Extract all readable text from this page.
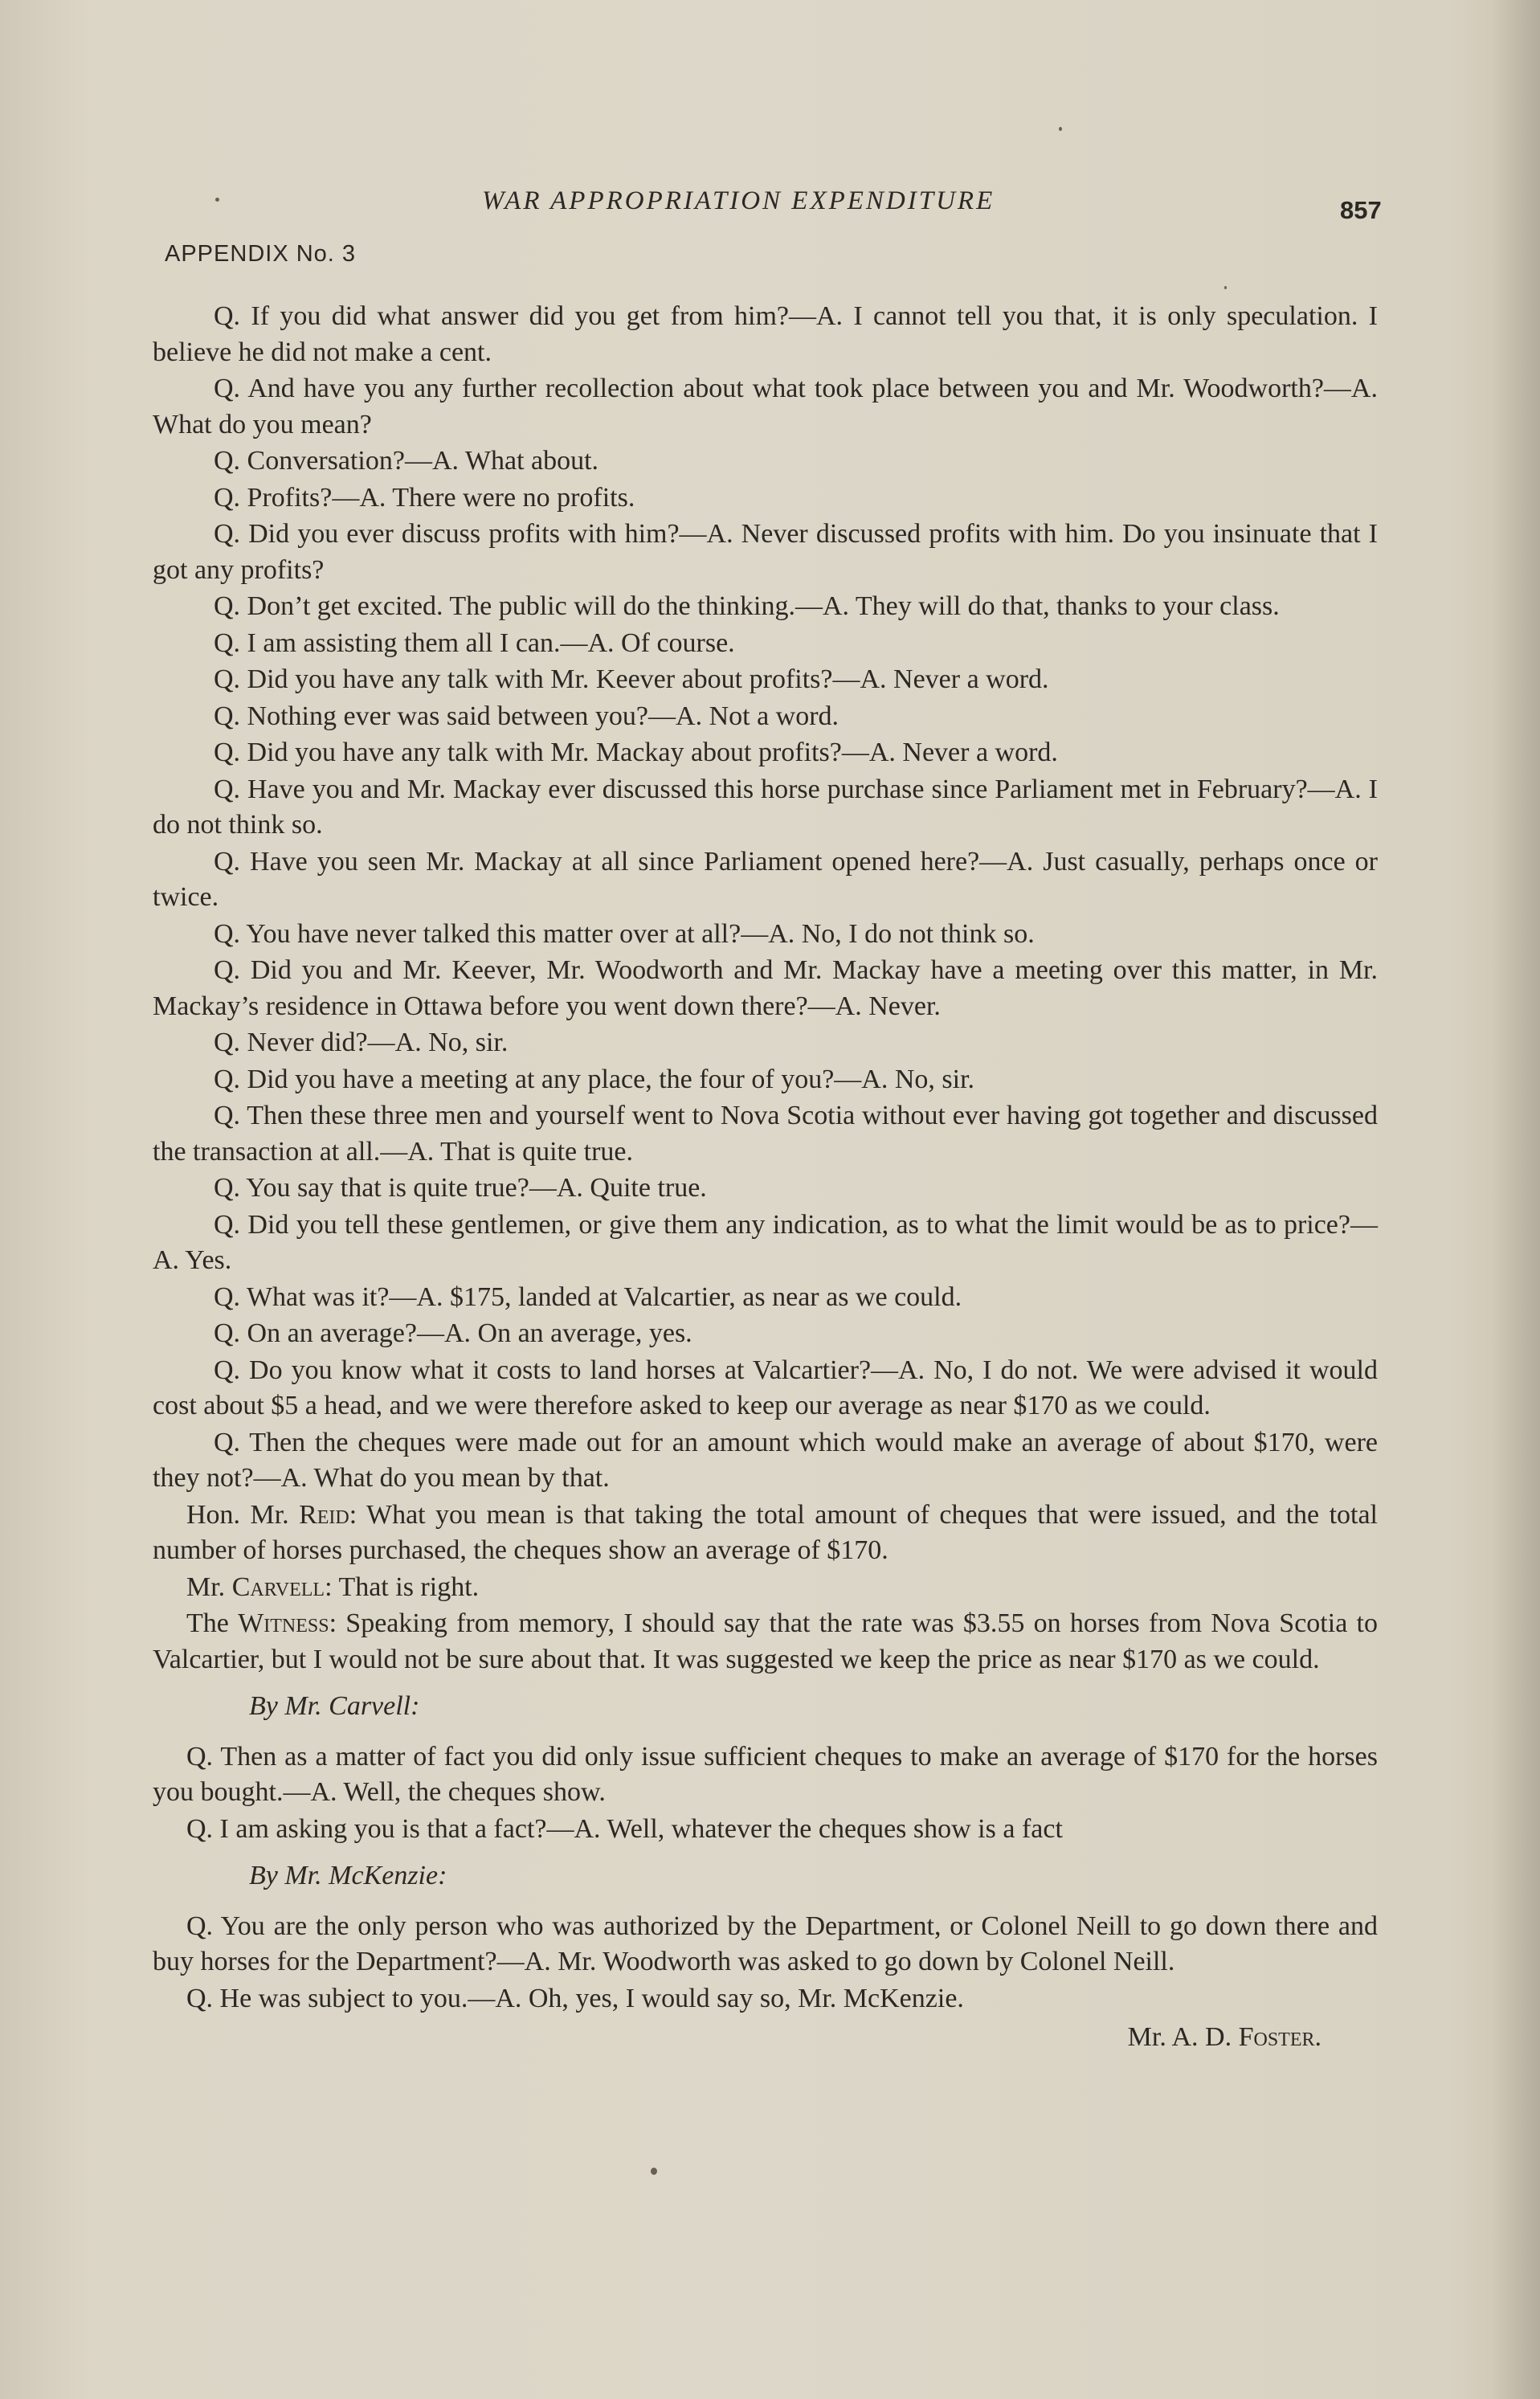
WAR APPROPRIATION EXPENDITURE	857
APPENDIX No. 3

Q. If you did what answer did you get from him?—A. I cannot tell you that, it is only speculation. I believe he did not make a cent.

Q. And have you any further recollection about what took place between you and Mr. Woodworth?—A. What do you mean?

Q. Conversation?—A. What about.

Q. Profits?—A. There were no profits.

Q. Did you ever discuss profits with him?—A. Never discussed profits with him. Do you insinuate that I got any profits?

Q. Don’t get excited. The public will do the thinking.—A. They will do that, thanks to your class.

Q. I am assisting them all I can.—A. Of course.

Q. Did you have any talk with Mr. Keever about profits?—A. Never a word.

Q. Nothing ever was said between you?—A. Not a word.

Q. Did you have any talk with Mr. Mackay about profits?—A. Never a word.

Q. Have you and Mr. Mackay ever discussed this horse purchase since Parliament met in February?—A. I do not think so.

Q. Have you seen Mr. Mackay at all since Parliament opened here?—A. Just casually, perhaps once or twice.

Q. You have never talked this matter over at all?—A. No, I do not think so.

Q. Did you and Mr. Keever, Mr. Woodworth and Mr. Mackay have a meeting over this matter, in Mr. Mackay’s residence in Ottawa before you went down there?—A. Never.

Q. Never did?—A. No, sir.

Q. Did you have a meeting at any place, the four of you?—A. No, sir.

Q. Then these three men and yourself went to Nova Scotia without ever having got together and discussed the transaction at all.—A. That is quite true.

Q. You say that is quite true?—A. Quite true.

Q. Did you tell these gentlemen, or give them any indication, as to what the limit would be as to price?—A. Yes.

Q. What was it?—A. $175, landed at Valcartier, as near as we could.

Q. On an average?—A. On an average, yes.

Q. Do you know what it costs to land horses at Valcartier?—A. No, I do not. We were advised it would cost about $5 a head, and we were therefore asked to keep our average as near $170 as we could.

Q. Then the cheques were made out for an amount which would make an average of about $170, were they not?—A. What do you mean by that.

Hon. Mr. Reid: What you mean is that taking the total amount of cheques that were issued, and the total number of horses purchased, the cheques show an average of $170.

Mr. Carvell: That is right.

The Witness: Speaking from memory, I should say that the rate was $3.55 on horses from Nova Scotia to Valcartier, but I would not be sure about that. It was suggested we keep the price as near $170 as we could.

By Mr. Carvell:

Q. Then as a matter of fact you did only issue sufficient cheques to make an average of $170 for the horses you bought.—A. Well, the cheques show.

Q. I am asking you is that a fact?—A. Well, whatever the cheques show is a fact

By Mr. McKenzie:

Q. You are the only person who was authorized by the Department, or Colonel Neill to go down there and buy horses for the Department?—A. Mr. Woodworth was asked to go down by Colonel Neill.

Q. He was subject to you.—A. Oh, yes, I would say so, Mr. McKenzie.

Mr. A. D. Foster.
